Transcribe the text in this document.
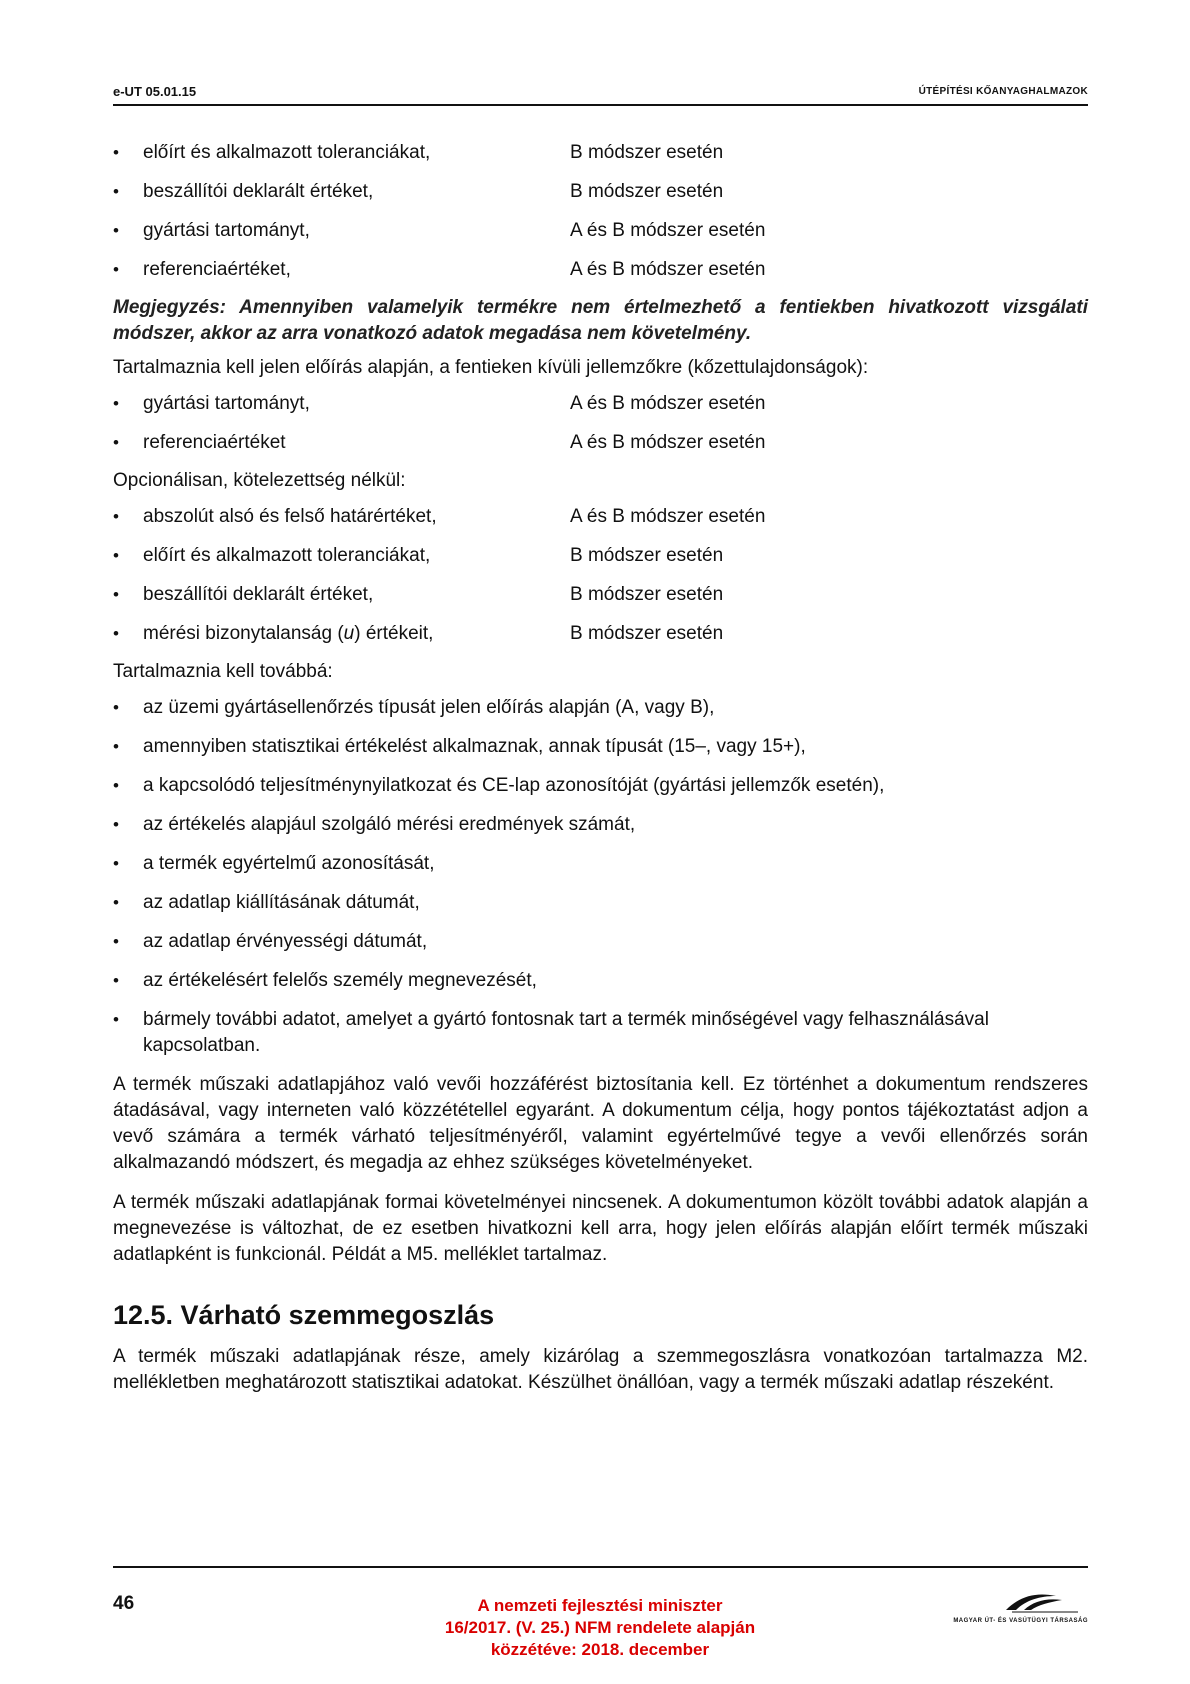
e-UT 05.01.15	ÚTÉPÍTÉSI KŐANYAGHALMAZOK
•	előírt és alkalmazott toleranciákat,	B módszer esetén
•	beszállítói deklarált értéket,	B módszer esetén
•	gyártási tartományt,	A és B módszer esetén
•	referenciaértéket,	A és B módszer esetén

Megjegyzés: Amennyiben valamelyik termékre nem értelmezhető a fentiekben hivatkozott vizsgálati módszer, akkor az arra vonatkozó adatok megadása nem követelmény.

Tartalmaznia kell jelen előírás alapján, a fentieken kívüli jellemzőkre (kőzettulajdonságok):

•	gyártási tartományt,	A és B módszer esetén
•	referenciaértéket	A és B módszer esetén

Opcionálisan, kötelezettség nélkül:

•	abszolút alsó és felső határértéket,	A és B módszer esetén
•	előírt és alkalmazott toleranciákat,	B módszer esetén
•	beszállítói deklarált értéket,	B módszer esetén
•	mérési bizonytalanság (u) értékeit,	B módszer esetén

Tartalmaznia kell továbbá:

•	az üzemi gyártásellenőrzés típusát jelen előírás alapján (A, vagy B),
•	amennyiben statisztikai értékelést alkalmaznak, annak típusát (15–, vagy 15+),
•	a kapcsolódó teljesítménynyilatkozat és CE-lap azonosítóját (gyártási jellemzők esetén),
•	az értékelés alapjául szolgáló mérési eredmények számát,
•	a termék egyértelmű azonosítását,
•	az adatlap kiállításának dátumát,
•	az adatlap érvényességi dátumát,
•	az értékelésért felelős személy megnevezését,
•	bármely további adatot, amelyet a gyártó fontosnak tart a termék minőségével vagy felhasználásával kapcsolatban.

A termék műszaki adatlapjához való vevői hozzáférést biztosítania kell. Ez történhet a dokumentum rendszeres átadásával, vagy interneten való közzététellel egyaránt. A dokumentum célja, hogy pontos tájékoztatást adjon a vevő számára a termék várható teljesítményéről, valamint egyértelművé tegye a vevői ellenőrzés során alkalmazandó módszert, és megadja az ehhez szükséges követelményeket.

A termék műszaki adatlapjának formai követelményei nincsenek. A dokumentumon közölt további adatok alapján a megnevezése is változhat, de ez esetben hivatkozni kell arra, hogy jelen előírás alapján előírt termék műszaki adatlapként is funkcionál. Példát a M5. melléklet tartalmaz.

12.5. Várható szemmegoszlás

A termék műszaki adatlapjának része, amely kizárólag a szemmegoszlásra vonatkozóan tartalmazza M2. mellékletben meghatározott statisztikai adatokat. Készülhet önállóan, vagy a termék műszaki adatlap részeként.

46	A nemzeti fejlesztési miniszter
16/2017. (V. 25.) NFM rendelete alapján
közzétéve: 2018. december
MAGYAR ÚT- ÉS VASÚTÜGYI TÁRSASÁG
